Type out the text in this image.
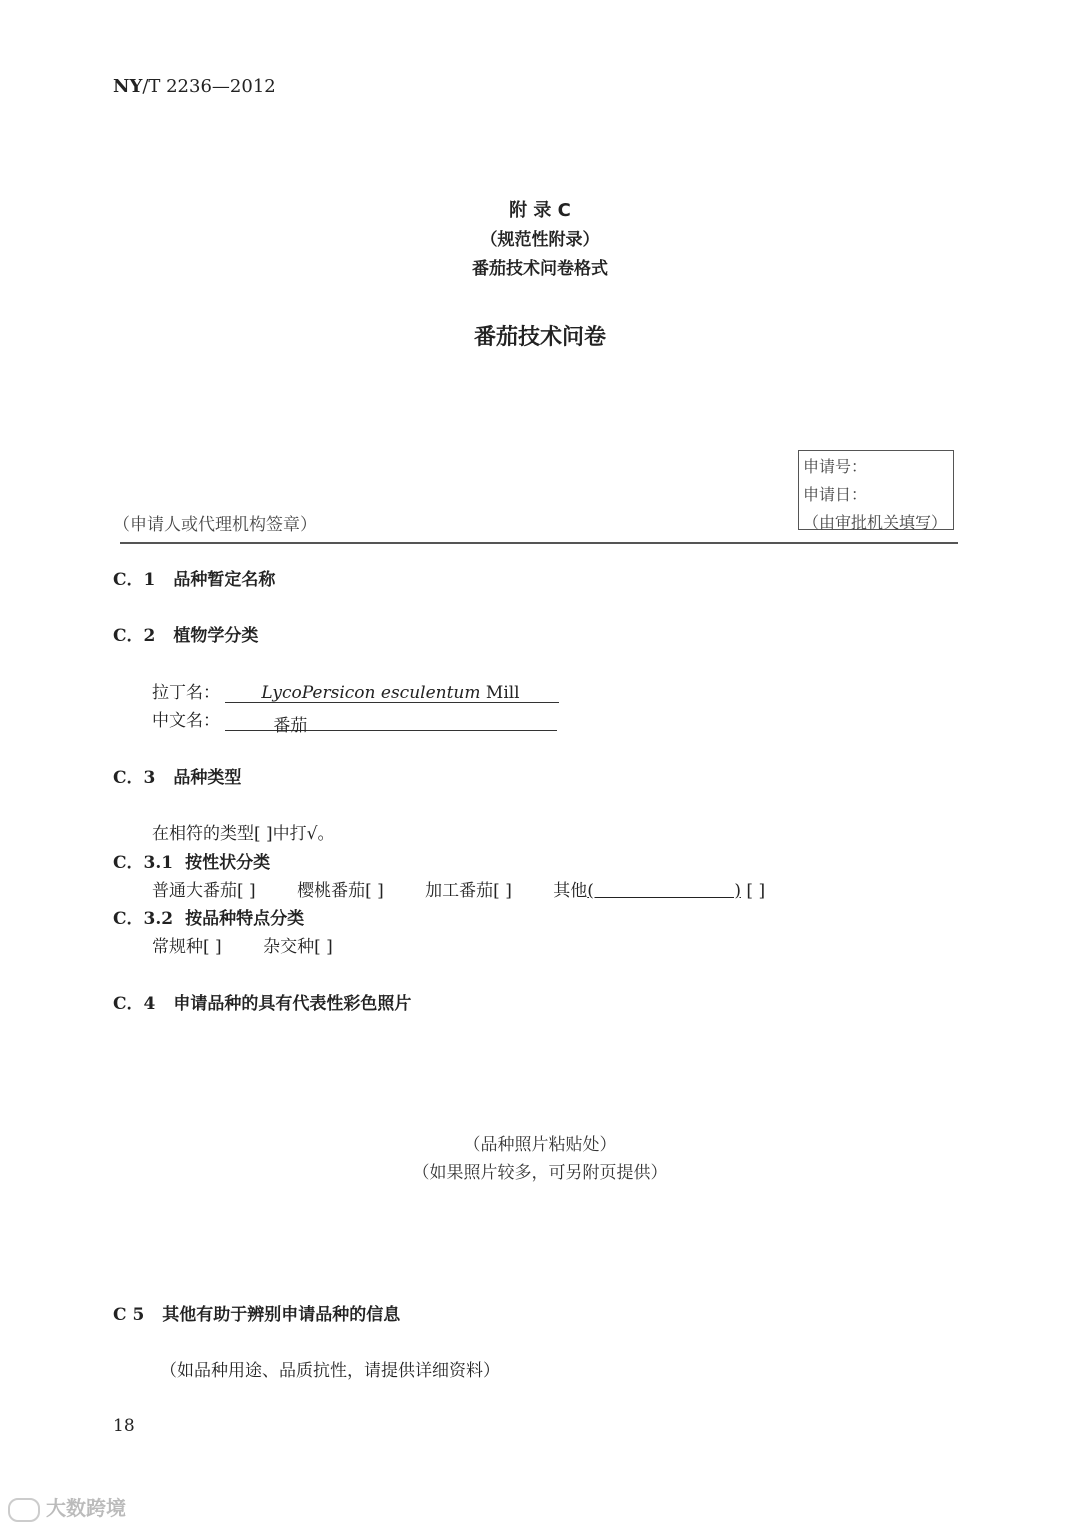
NY/T 2236—2012
附 录 C
（规范性附录）
番茄技术问卷格式
番茄技术问卷
（申请人或代理机构签章）
申请号：
申请日：
（由审批机关填写）
C．1 品种暂定名称
C．2 植物学分类
拉丁名： LycoPersicon esculentum Mill
中文名：	番茄
C．3 品种类型
在相符的类型[ ]中打√。
C．3.1 按性状分类
普通大番茄[ ] 樱桃番茄[ ] 加工番茄[ ] 其他(                          ) [ ]
C．3.2 按品种特点分类
常规种[ ] 杂交种[ ]
C．4 申请品种的具有代表性彩色照片
（品种照片粘贴处）
（如果照片较多，可另附页提供）
C 5 其他有助于辨别申请品种的信息
（如品种用途、品质抗性，请提供详细资料）
18
大数跨境
